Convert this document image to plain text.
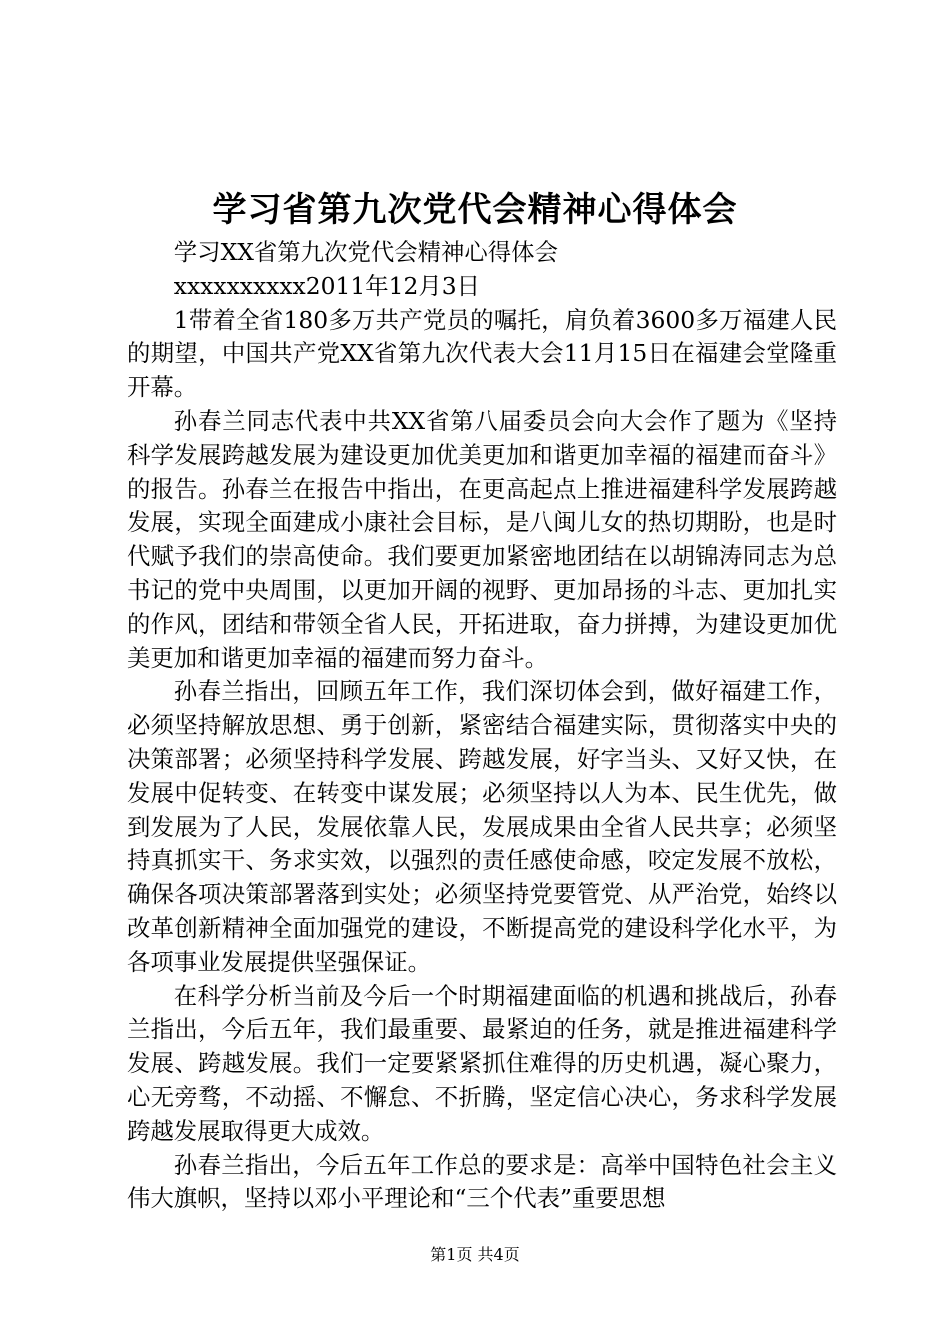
学习省第九次党代会精神心得体会

学习XX省第九次党代会精神心得体会

xxxxxxxxxx2011年12月3日

1带着全省180多万共产党员的嘱托，肩负着3600多万福建人民的期望，中国共产党XX省第九次代表大会11月15日在福建会堂隆重开幕。

孙春兰同志代表中共XX省第八届委员会向大会作了题为《坚持科学发展跨越发展为建设更加优美更加和谐更加幸福的福建而奋斗》的报告。孙春兰在报告中指出，在更高起点上推进福建科学发展跨越发展，实现全面建成小康社会目标，是八闽儿女的热切期盼，也是时代赋予我们的崇高使命。我们要更加紧密地团结在以胡锦涛同志为总书记的党中央周围，以更加开阔的视野、更加昂扬的斗志、更加扎实的作风，团结和带领全省人民，开拓进取，奋力拼搏，为建设更加优美更加和谐更加幸福的福建而努力奋斗。

孙春兰指出，回顾五年工作，我们深切体会到，做好福建工作，必须坚持解放思想、勇于创新，紧密结合福建实际，贯彻落实中央的决策部署；必须坚持科学发展、跨越发展，好字当头、又好又快，在发展中促转变、在转变中谋发展；必须坚持以人为本、民生优先，做到发展为了人民，发展依靠人民，发展成果由全省人民共享；必须坚持真抓实干、务求实效，以强烈的责任感使命感，咬定发展不放松，确保各项决策部署落到实处；必须坚持党要管党、从严治党，始终以改革创新精神全面加强党的建设，不断提高党的建设科学化水平，为各项事业发展提供坚强保证。

在科学分析当前及今后一个时期福建面临的机遇和挑战后，孙春兰指出，今后五年，我们最重要、最紧迫的任务，就是推进福建科学发展、跨越发展。我们一定要紧紧抓住难得的历史机遇，凝心聚力，心无旁骛，不动摇、不懈怠、不折腾，坚定信心决心，务求科学发展跨越发展取得更大成效。

孙春兰指出，今后五年工作总的要求是：高举中国特色社会主义伟大旗帜，坚持以邓小平理论和“三个代表”重要思想

第1页 共4页
